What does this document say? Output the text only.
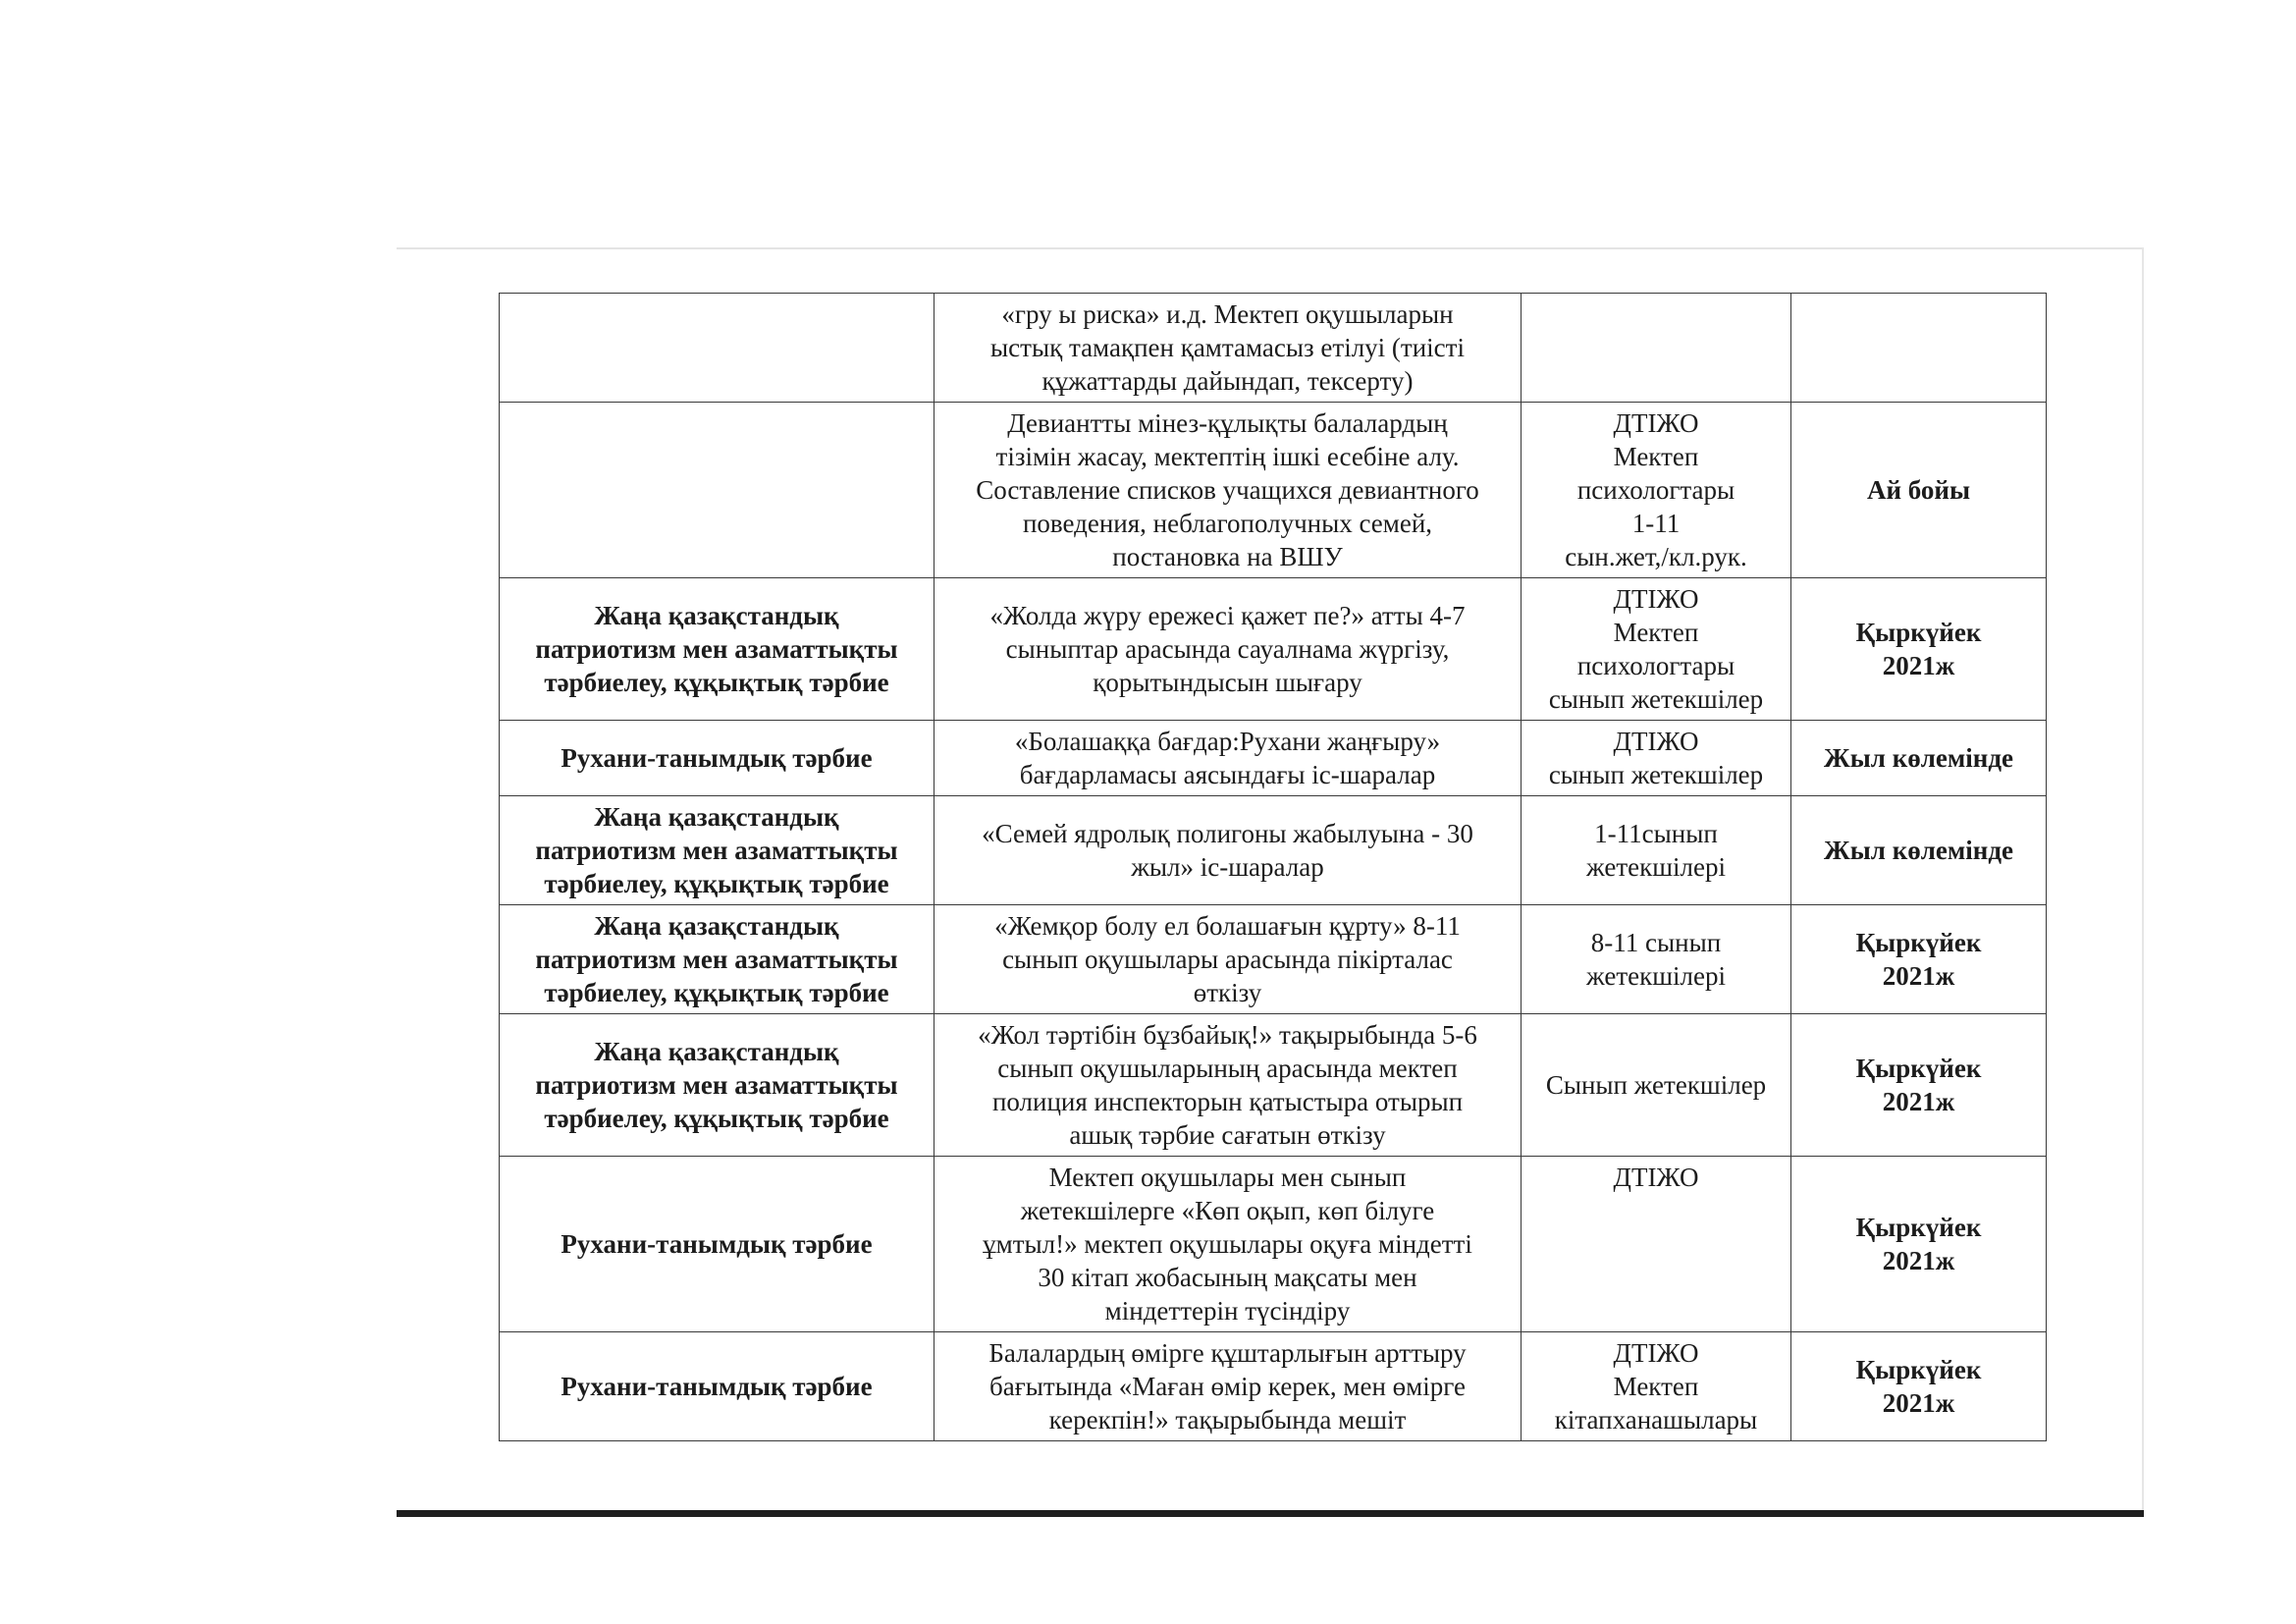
	«гру ы риска» и.д. Мектеп оқушыларын
ыстық тамақпен қамтамасыз етілуі (тиісті
құжаттарды дайындап, тексерту)		

	Девиантты мінез-құлықты балалардың
тізімін жасау, мектептің ішкі есебіне алу.
Составление списков учащихся девиантного
поведения, неблагополучных семей,
постановка на ВШУ	ДТІЖО
Мектеп
психологтары
1-11
сын.жет,/кл.рук.	Ай бойы

Жаңа қазақстандық
патриотизм мен азаматтықты
тәрбиелеу, құқықтық тәрбие	«Жолда жүру ережесі қажет пе?» атты 4-7
сыныптар арасында сауалнама жүргізу,
қорытындысын шығару	ДТІЖО
Мектеп
психологтары
сынып жетекшілер	Қыркүйек
2021ж

Рухани-танымдық тәрбие	«Болашаққа бағдар:Рухани жаңғыру»
бағдарламасы аясындағы іс-шаралар	ДТІЖО
сынып жетекшілер	Жыл көлемінде

Жаңа қазақстандық
патриотизм мен азаматтықты
тәрбиелеу, құқықтық тәрбие	«Семей ядролық полигоны жабылуына - 30
жыл» іс-шаралар	1-11сынып
жетекшілері	Жыл көлемінде

Жаңа қазақстандық
патриотизм мен азаматтықты
тәрбиелеу, құқықтық тәрбие	«Жемқор болу ел болашағын құрту» 8-11
сынып оқушылары арасында пікірталас
өткізу	8-11 сынып
жетекшілері	Қыркүйек
2021ж

Жаңа қазақстандық
патриотизм мен азаматтықты
тәрбиелеу, құқықтық тәрбие	«Жол тәртібін бұзбайық!» тақырыбында 5-6
сынып оқушыларының арасында мектеп
полиция инспекторын қатыстыра отырып
ашық тәрбие сағатын өткізу	Сынып жетекшілер	Қыркүйек
2021ж

Рухани-танымдық тәрбие	Мектеп оқушылары мен сынып
жетекшілерге «Көп оқып, көп білуге
ұмтыл!» мектеп оқушылары оқуға міндетті
30 кітап жобасының мақсаты мен
міндеттерін түсіндіру	ДТІЖО	Қыркүйек
2021ж

Рухани-танымдық тәрбие	Балалардың өмірге құштарлығын арттыру
бағытында «Маған өмір керек, мен өмірге
керекпін!» тақырыбында мешіт	ДТІЖО
Мектеп
кітапханашылары	Қыркүйек
2021ж
